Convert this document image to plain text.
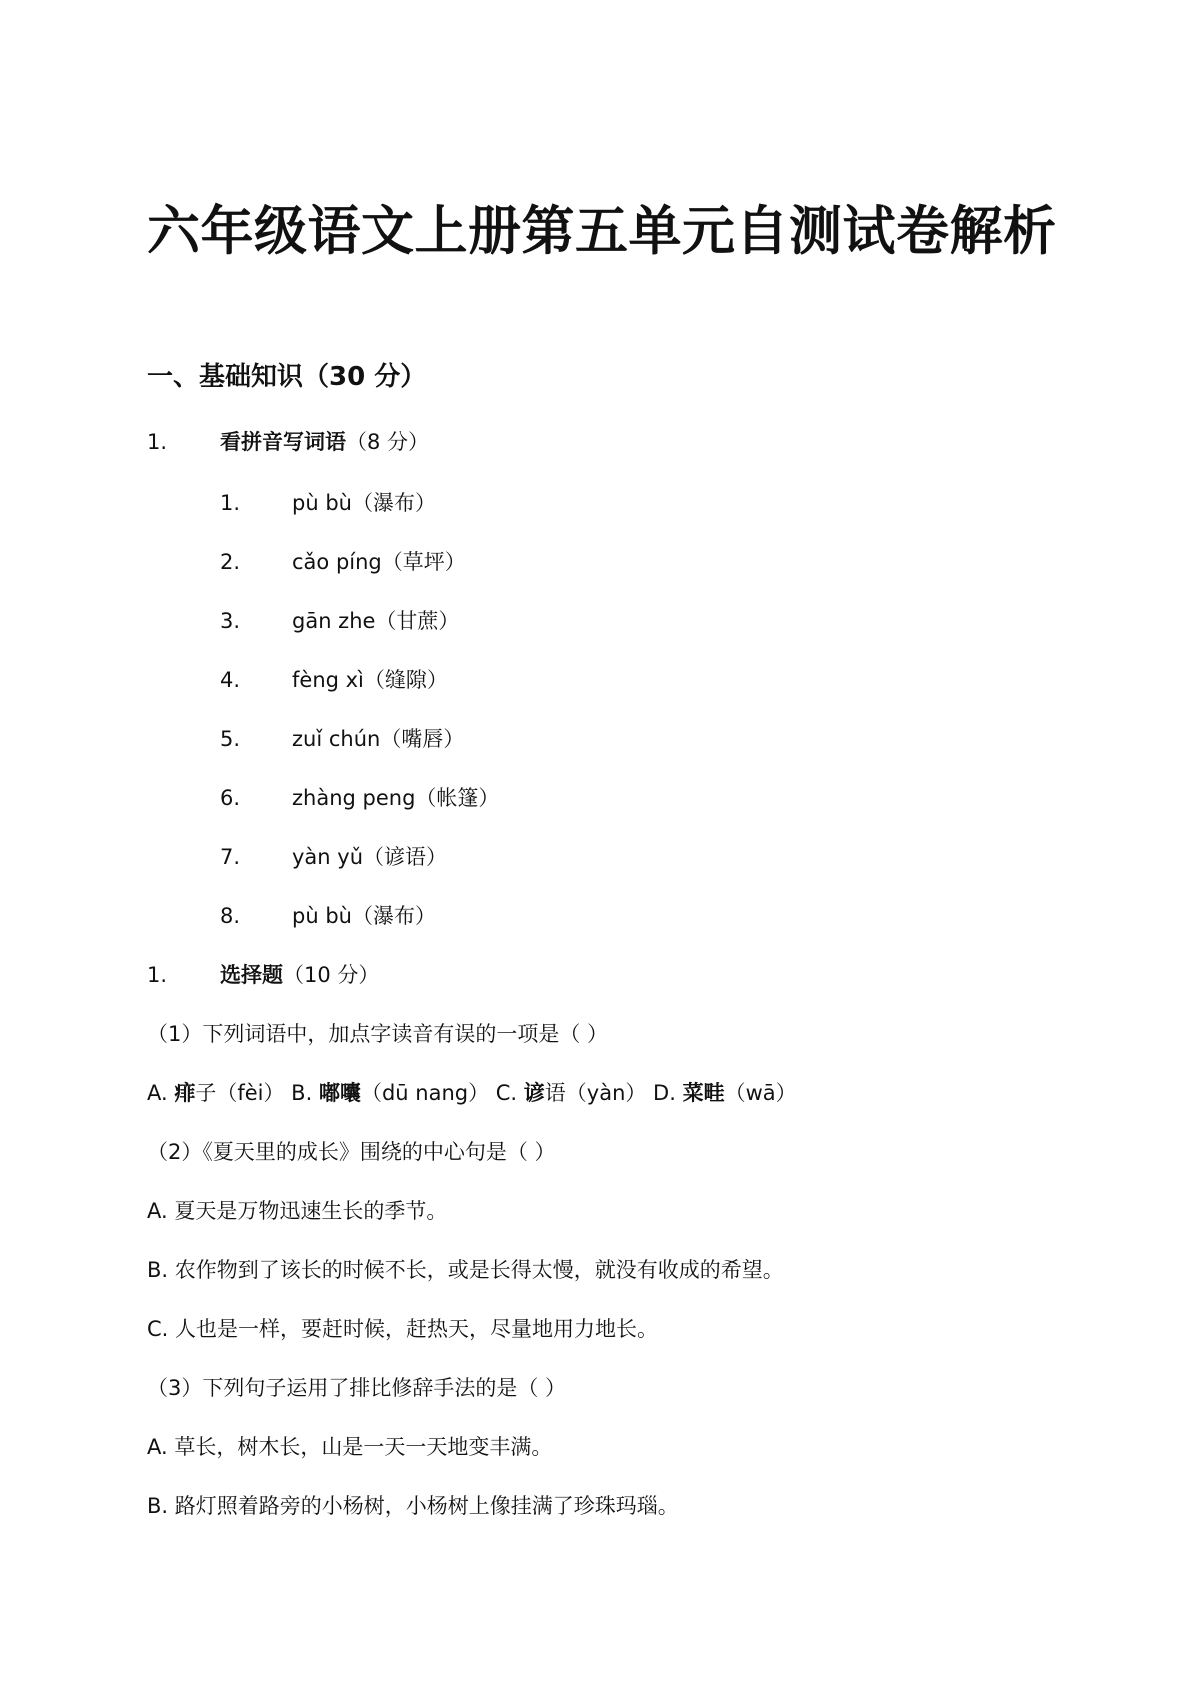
六年级语文上册第五单元自测试卷解析
一、基础知识（30 分）
1.	看拼音写词语（8 分）
1. pù bù（瀑布）
2. cǎo píng（草坪）
3. gān zhe（甘蔗）
4. fèng xì（缝隙）
5. zuǐ chún（嘴唇）
6. zhàng peng（帐篷）
7. yàn yǔ（谚语）
8. pù bù（瀑布）
1.	选择题（10 分）
（1）下列词语中，加点字读音有误的一项是（ ）
A. 痱子（fèi） B. 嘟囔（dū nang） C. 谚语（yàn） D. 菜畦（wā）
（2）《夏天里的成长》围绕的中心句是（ ）
A. 夏天是万物迅速生长的季节。
B. 农作物到了该长的时候不长，或是长得太慢，就没有收成的希望。
C. 人也是一样，要赶时候，赶热天，尽量地用力地长。
（3）下列句子运用了排比修辞手法的是（ ）
A. 草长，树木长，山是一天一天地变丰满。
B. 路灯照着路旁的小杨树，小杨树上像挂满了珍珠玛瑙。
